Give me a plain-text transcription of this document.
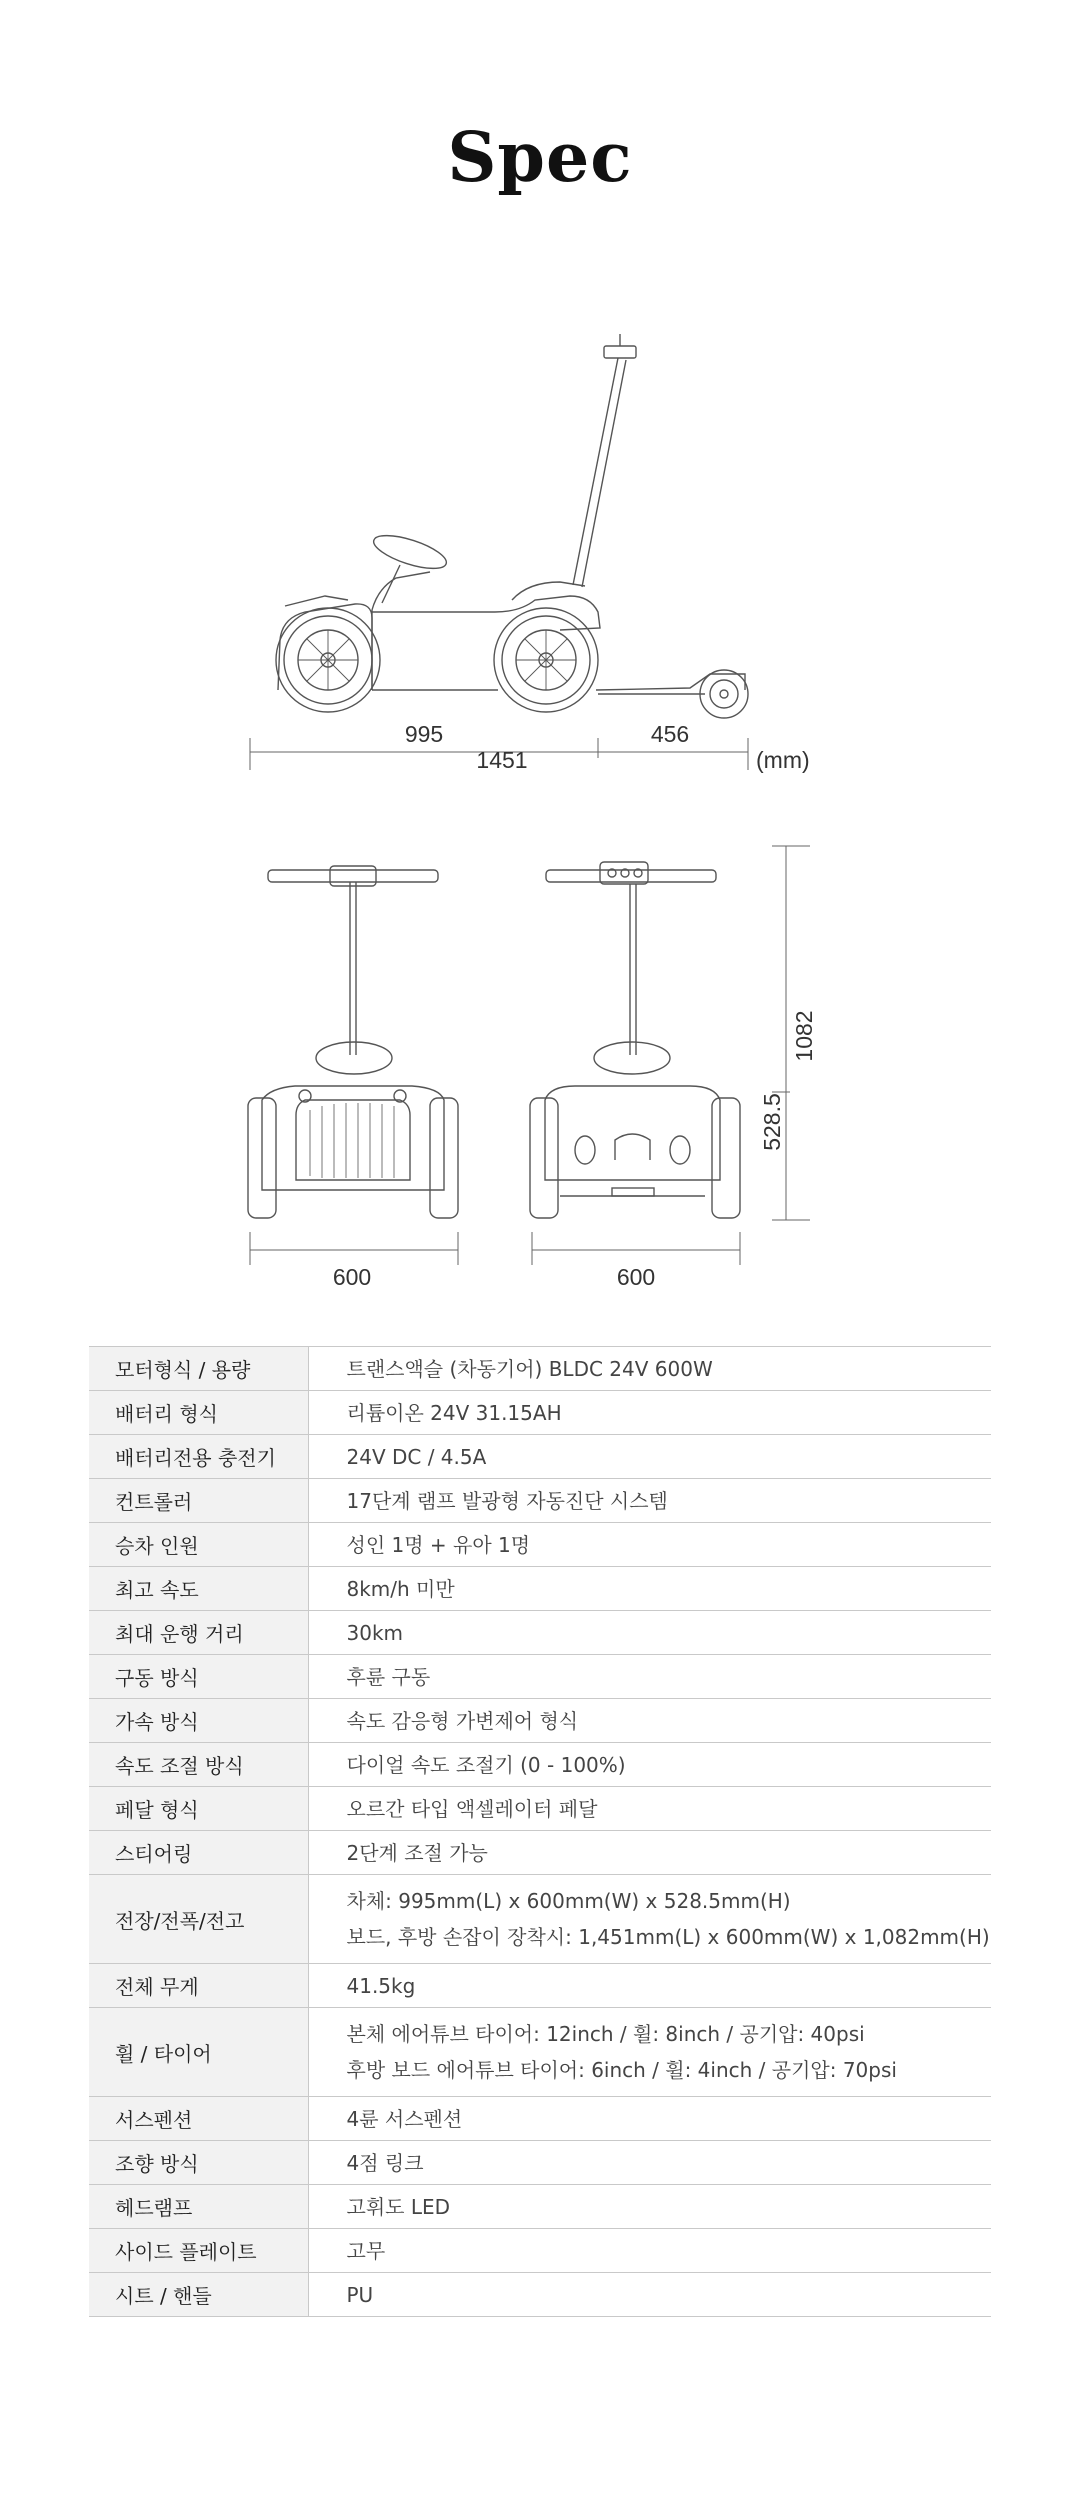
Spec
995	456
1451	(mm)
600	600
1082
528.5
모터형식 / 용량	트랜스액슬 (차동기어) BLDC 24V 600W

배터리 형식	리튬이온 24V 31.15AH

배터리전용 충전기	24V DC / 4.5A

컨트롤러	17단계 램프 발광형 자동진단 시스템

승차 인원	성인 1명 + 유아 1명

최고 속도	8km/h 미만

최대 운행 거리	30km

구동 방식	후륜 구동

가속 방식	속도 감응형 가변제어 형식

속도 조절 방식	다이얼 속도 조절기 (0 - 100%)

페달 형식	오르간 타입 액셀레이터 페달

스티어링	2단계 조절 가능

전장/전폭/전고	차체: 995mm(L) x 600mm(W) x 528.5mm(H)
보드, 후방 손잡이 장착시: 1,451mm(L) x 600mm(W) x 1,082mm(H)

전체 무게	41.5kg

휠 / 타이어	본체 에어튜브 타이어: 12inch / 휠: 8inch / 공기압: 40psi
후방 보드 에어튜브 타이어: 6inch / 휠: 4inch / 공기압: 70psi

서스펜션	4륜 서스펜션

조향 방식	4점 링크

헤드램프	고휘도 LED

사이드 플레이트	고무

시트 / 핸들	PU
